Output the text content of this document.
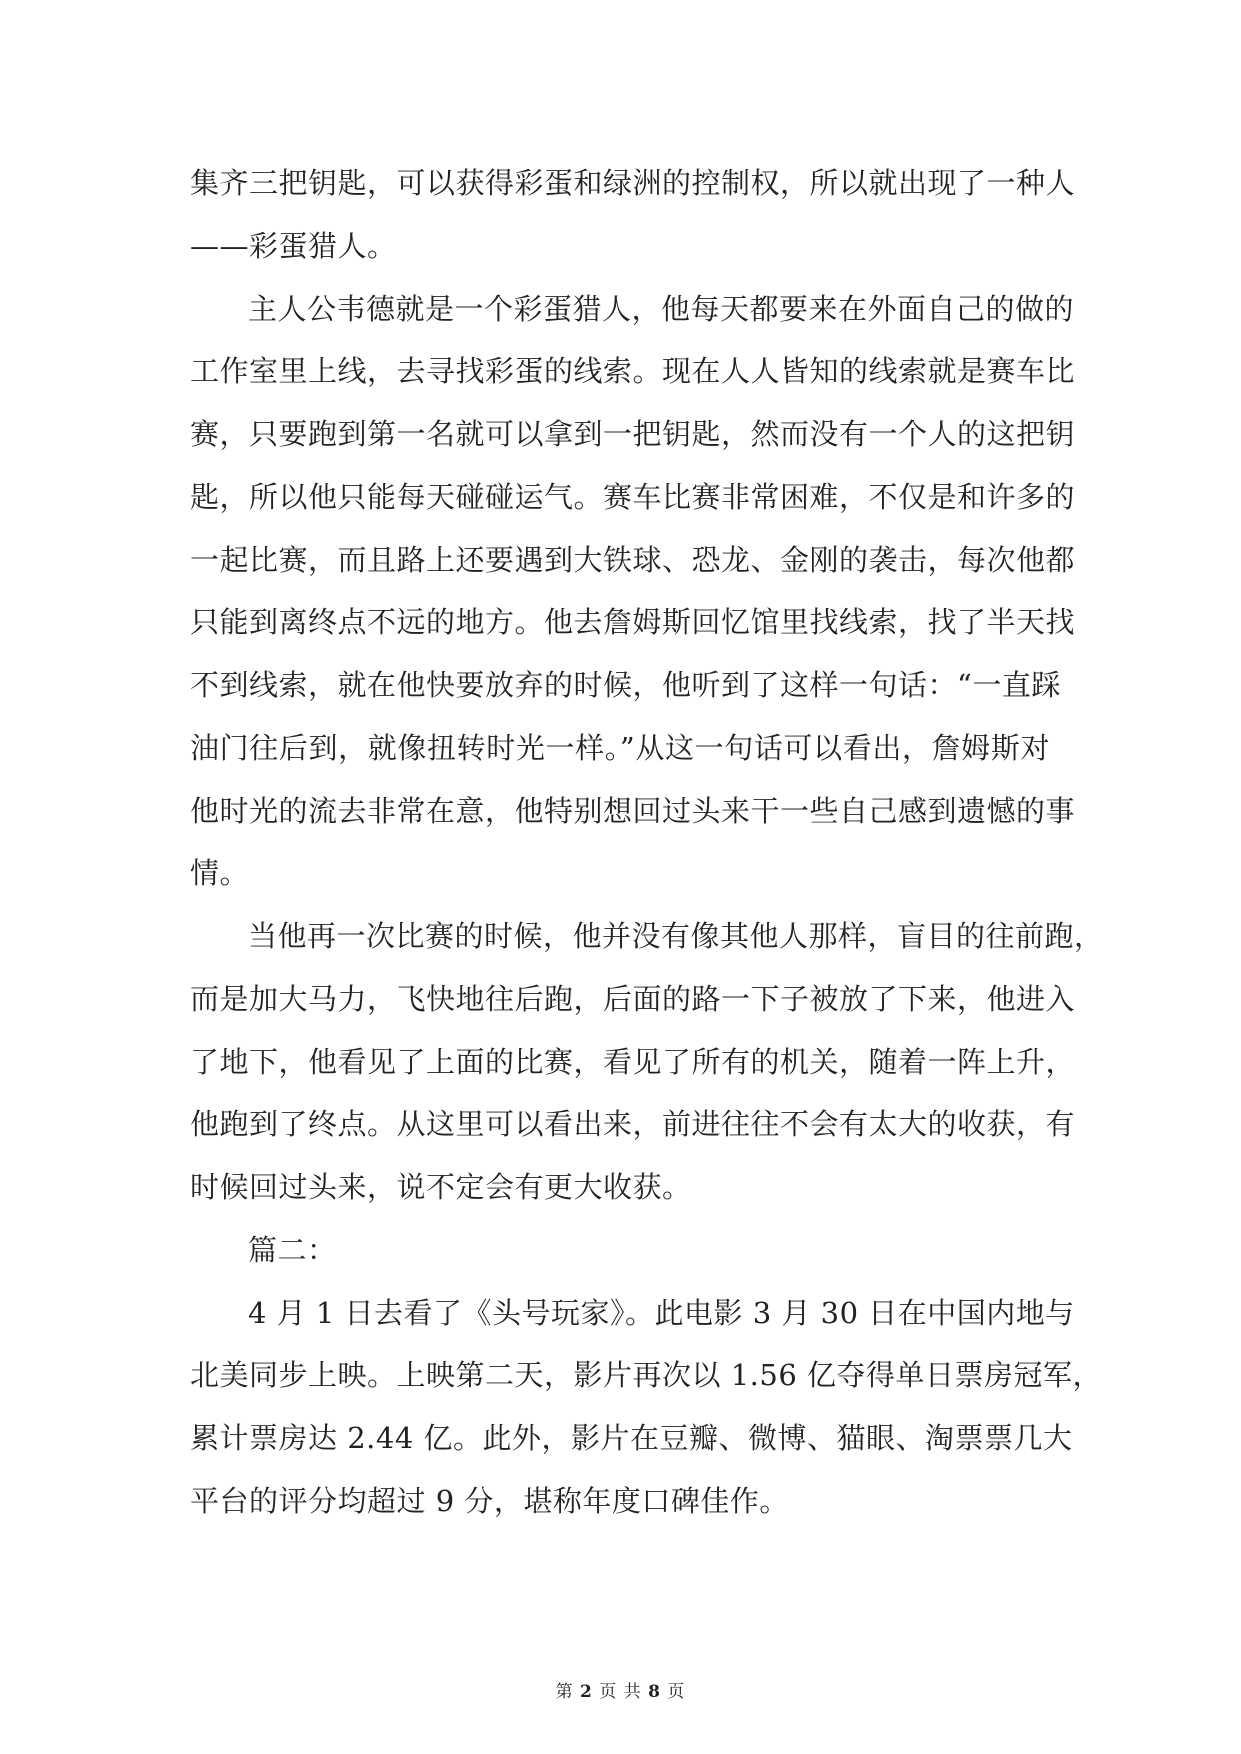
集齐三把钥匙，可以获得彩蛋和绿洲的控制权，所以就出现了一种人
——彩蛋猎人。
主人公韦德就是一个彩蛋猎人，他每天都要来在外面自己的做的
工作室里上线，去寻找彩蛋的线索。现在人人皆知的线索就是赛车比
赛，只要跑到第一名就可以拿到一把钥匙，然而没有一个人的这把钥
匙，所以他只能每天碰碰运气。赛车比赛非常困难，不仅是和许多的
一起比赛，而且路上还要遇到大铁球、恐龙、金刚的袭击，每次他都
只能到离终点不远的地方。他去詹姆斯回忆馆里找线索，找了半天找
不到线索，就在他快要放弃的时候，他听到了这样一句话：“一直踩
油门往后到，就像扭转时光一样。”从这一句话可以看出，詹姆斯对
他时光的流去非常在意，他特别想回过头来干一些自己感到遗憾的事
情。
当他再一次比赛的时候，他并没有像其他人那样，盲目的往前跑，
而是加大马力，飞快地往后跑，后面的路一下子被放了下来，他进入
了地下，他看见了上面的比赛，看见了所有的机关，随着一阵上升，
他跑到了终点。从这里可以看出来，前进往往不会有太大的收获，有
时候回过头来，说不定会有更大收获。
篇二：
4 月 1 日去看了《头号玩家》。此电影 3 月 30 日在中国内地与
北美同步上映。上映第二天，影片再次以 1.56 亿夺得单日票房冠军，
累计票房达 2.44 亿。此外，影片在豆瓣、微博、猫眼、淘票票几大
平台的评分均超过 9 分，堪称年度口碑佳作。
第 2 页 共 8 页
